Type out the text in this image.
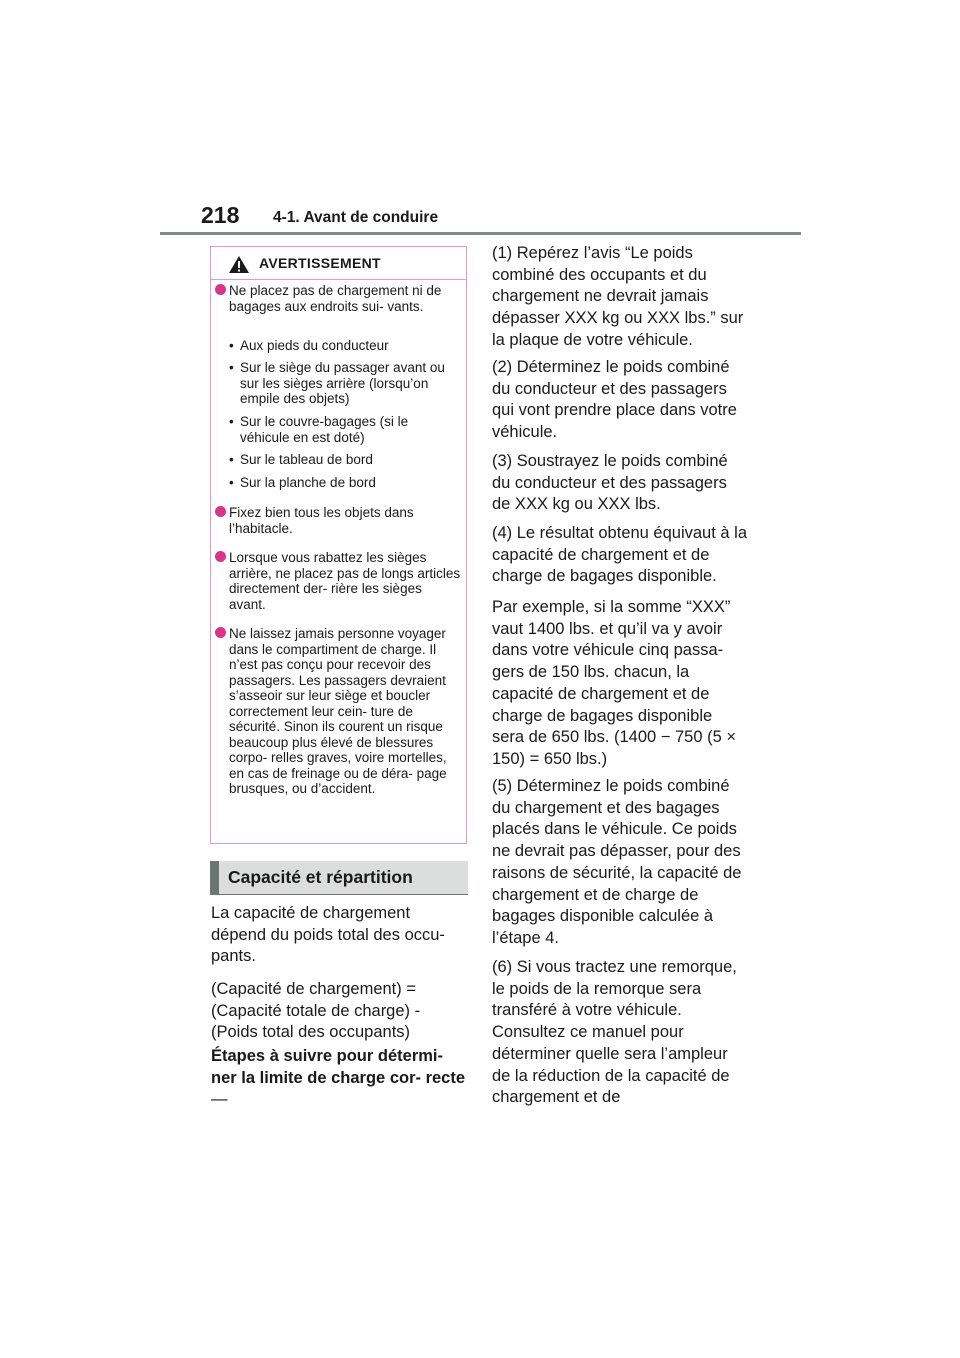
218 4-1. Avant de conduire
AVERTISSEMENT
Ne placez pas de chargement ni de bagages aux endroits sui- vants.
• Aux pieds du conducteur
• Sur le siège du passager avant ou sur les sièges arrière (lorsqu’on empile des objets)
• Sur le couvre-bagages (si le véhicule en est doté)
• Sur le tableau de bord
• Sur la planche de bord
Fixez bien tous les objets dans l’habitacle.
Lorsque vous rabattez les sièges arrière, ne placez pas de longs articles directement der- rière les sièges avant.
Ne laissez jamais personne voyager dans le compartiment de charge. Il n’est pas conçu pour recevoir des passagers. Les passagers devraient s’asseoir sur leur siège et boucler correctement leur cein- ture de sécurité. Sinon ils courent un risque beaucoup plus élevé de blessures corpo- relles graves, voire mortelles, en cas de freinage ou de déra- page brusques, ou d’accident.
Capacité et répartition
La capacité de chargement dépend du poids total des occu- pants.
(Capacité de chargement) = (Capacité totale de charge) - (Poids total des occupants)
Étapes à suivre pour détermi- ner la limite de charge cor- recte —
(1) Repérez l’avis “Le poids combiné des occupants et du chargement ne devrait jamais dépasser XXX kg ou XXX lbs.” sur la plaque de votre véhicule.
(2) Déterminez le poids combiné du conducteur et des passagers qui vont prendre place dans votre véhicule.
(3) Soustrayez le poids combiné du conducteur et des passagers de XXX kg ou XXX lbs.
(4) Le résultat obtenu équivaut à la capacité de chargement et de charge de bagages disponible.
Par exemple, si la somme “XXX” vaut 1400 lbs. et qu’il va y avoir dans votre véhicule cinq passa- gers de 150 lbs. chacun, la capacité de chargement et de charge de bagages disponible sera de 650 lbs. (1400 − 750 (5 × 150) = 650 lbs.)
(5) Déterminez le poids combiné du chargement et des bagages placés dans le véhicule. Ce poids ne devrait pas dépasser, pour des raisons de sécurité, la capacité de chargement et de charge de bagages disponible calculée à l’étape 4.
(6) Si vous tractez une remorque, le poids de la remorque sera transféré à votre véhicule. Consultez ce manuel pour déterminer quelle sera l’ampleur de la réduction de la capacité de chargement et de
